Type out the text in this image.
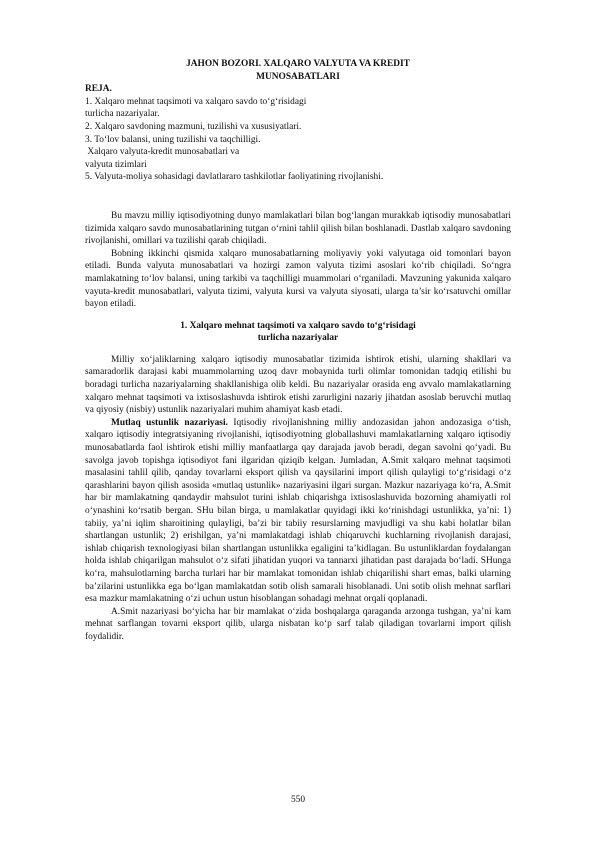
JAHON BOZORI. XALQARO VALYUTA VA KREDIT

MUNOSABATLARI

REJA.

1. Xalqaro mehnat taqsimoti va xalqaro savdo to‘g‘risidagi

turlicha nazariyalar.

2. Xalqaro savdoning mazmuni, tuzilishi va xususiyatlari.

3. To‘lov balansi, uning tuzilishi va taqchilligi.

Xalqaro valyuta-kredit munosabatlari va

valyuta tizimlari

5. Valyuta-moliya sohasidagi davlatlararo tashkilotlar faoliyatining rivojlanishi.

Bu mavzu milliy iqtisodiyotning dunyo mamlakatlari bilan bog‘langan murakkab iqtisodiy munosabatlari tizimida xalqaro savdo munosabatlarining tutgan o‘rnini tahlil qilish bilan boshlanadi. Dastlab xalqaro savdoning rivojlanishi, omillari va tuzilishi qarab chiqiladi.

Bobning ikkinchi qismida xalqaro munosabatlarning moliyaviy yoki valyutaga oid tomonlari bayon etiladi. Bunda valyuta munosabatlari va hozirgi zamon valyuta tizimi asoslari ko‘rib chiqiladi. So‘ngra mamlakatning to‘lov balansi, uning tarkibi va taqchilligi muammolari o‘rganiladi. Mavzuning yakunida xalqaro vayuta-kredit munosabatlari, valyuta tizimi, valyuta kursi va valyuta siyosati, ularga ta’sir ko‘rsatuvchi omillar bayon etiladi.

1. Xalqaro mehnat taqsimoti va xalqaro savdo to‘g‘risidagi

turlicha nazariyalar

Milliy xo‘jaliklarning xalqaro iqtisodiy munosabatlar tizimida ishtirok etishi, ularning shakllari va samaradorlik darajasi kabi muammolarning uzoq davr mobaynida turli olimlar tomonidan tadqiq etilishi bu boradagi turlicha nazariyalarning shakllanishiga olib keldi. Bu nazariyalar orasida eng avvalo mamlakatlarning xalqaro mehnat taqsimoti va ixtisoslashuvda ishtirok etishi zarurligini nazariy jihatdan asoslab beruvchi mutlaq va qiyosiy (nisbiy) ustunlik nazariyalari muhim ahamiyat kasb etadi.

Mutlaq ustunlik nazariyasi. Iqtisodiy rivojlanishning milliy andozasidan jahon andozasiga o‘tish, xalqaro iqtisodiy integratsiyaning rivojlanishi, iqtisodiyotning globallashuvi mamlakatlarning xalqaro iqtisodiy munosabatlarda faol ishtirok etishi milliy manfaatlarga qay darajada javob beradi, degan savolni qo‘yadi. Bu savolga javob topishga iqtisodiyot fani ilgaridan qiziqib kelgan. Jumladan, A.Smit xalqaro mehnat taqsimoti masalasini tahlil qilib, qanday tovarlarni eksport qilish va qaysilarini import qilish qulayligi to‘g‘risidagi o‘z qarashlarini bayon qilish asosida «mutlaq ustunlik» nazariyasini ilgari surgan. Mazkur nazariyaga ko‘ra, A.Smit har bir mamlakatning qandaydir mahsulot turini ishlab chiqarishga ixtisoslashuvida bozorning ahamiyatli rol o‘ynashini ko‘rsatib bergan. SHu bilan birga, u mamlakatlar quyidagi ikki ko‘rinishdagi ustunlikka, ya’ni: 1) tabiiy, ya’ni iqlim sharoitining qulayligi, ba’zi bir tabiiy resurslarning mavjudligi va shu kabi holatlar bilan shartlangan ustunlik; 2) erishilgan, ya’ni mamlakatdagi ishlab chiqaruvchi kuchlarning rivojlanish darajasi, ishlab chiqarish texnologiyasi bilan shartlangan ustunlikka egaligini ta’kidlagan. Bu ustunliklardan foydalangan holda ishlab chiqarilgan mahsulot o‘z sifati jihatidan yuqori va tannarxi jihatidan past darajada bo‘ladi. SHunga ko‘ra, mahsulotlarning barcha turlari har bir mamlakat tomonidan ishlab chiqarilishi shart emas, balki ularning ba’zilarini ustunlikka ega bo‘lgan mamlakatdan sotib olish samarali hisoblanadi. Uni sotib olish mehnat sarflari esa mazkur mamlakatning o‘zi uchun ustun hisoblangan sohadagi mehnat orqali qoplanadi.

A.Smit nazariyasi bo‘yicha har bir mamlakat o‘zida boshqalarga qaraganda arzonga tushgan, ya’ni kam mehnat sarflangan tovarni eksport qilib, ularga nisbatan ko‘p sarf talab qiladigan tovarlarni import qilish foydalidir.

550
